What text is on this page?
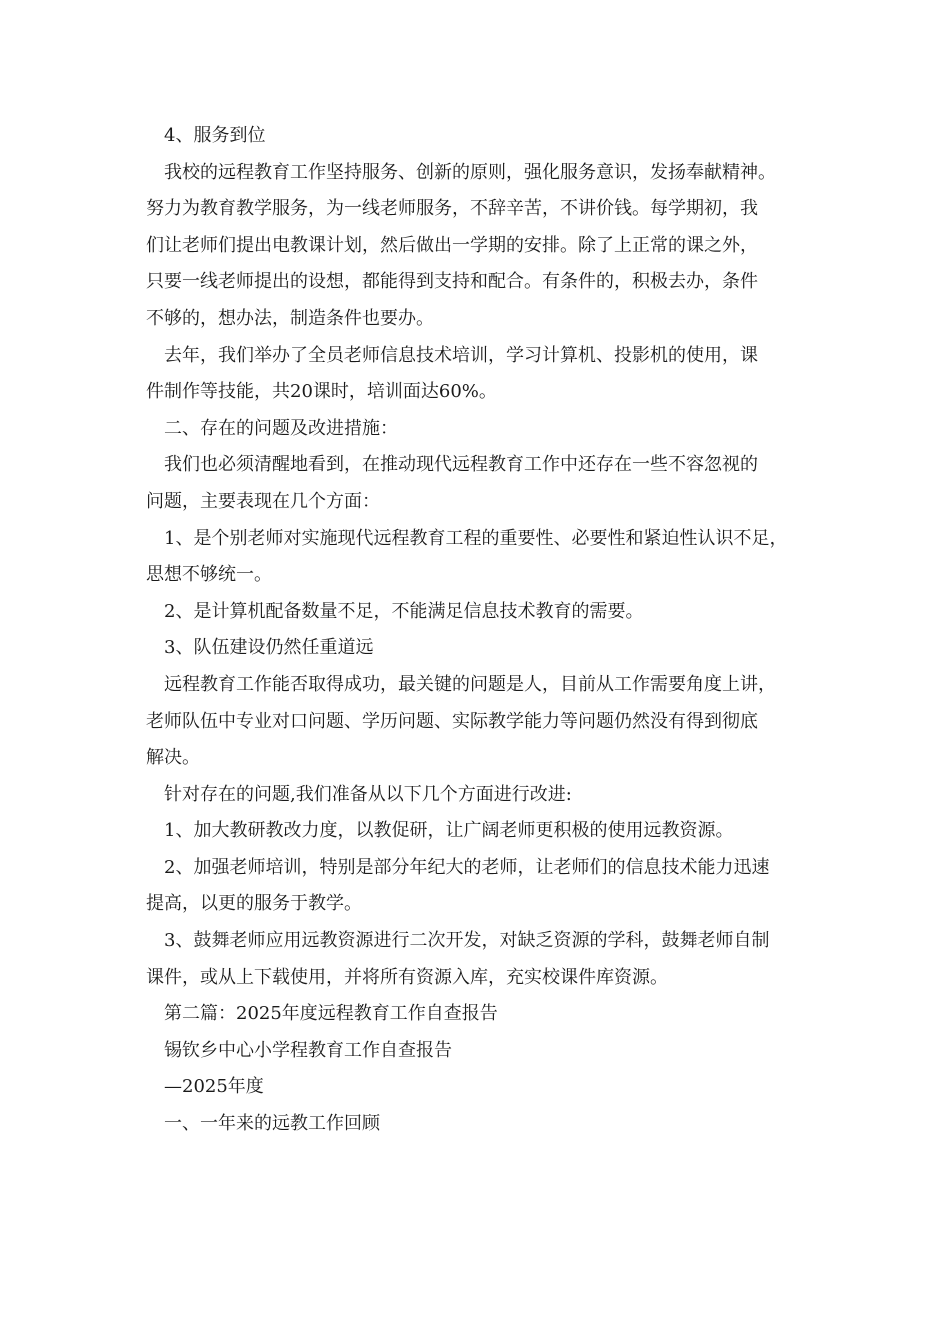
4、服务到位
我校的远程教育工作坚持服务、创新的原则，强化服务意识，发扬奉献精神。
努力为教育教学服务，为一线老师服务，不辞辛苦，不讲价钱。每学期初，我
们让老师们提出电教课计划，然后做出一学期的安排。除了上正常的课之外，
只要一线老师提出的设想，都能得到支持和配合。有条件的，积极去办，条件
不够的，想办法，制造条件也要办。
去年，我们举办了全员老师信息技术培训，学习计算机、投影机的使用，课
件制作等技能，共20课时，培训面达60%。
二、存在的问题及改进措施：
我们也必须清醒地看到，在推动现代远程教育工作中还存在一些不容忽视的
问题，主要表现在几个方面：
1、是个别老师对实施现代远程教育工程的重要性、必要性和紧迫性认识不足，
思想不够统一。
2、是计算机配备数量不足，不能满足信息技术教育的需要。
3、队伍建设仍然任重道远
远程教育工作能否取得成功，最关键的问题是人，目前从工作需要角度上讲，
老师队伍中专业对口问题、学历问题、实际教学能力等问题仍然没有得到彻底
解决。
针对存在的问题,我们准备从以下几个方面进行改进:
1、加大教研教改力度，以教促研，让广阔老师更积极的使用远教资源。
2、加强老师培训，特别是部分年纪大的老师，让老师们的信息技术能力迅速
提高，以更的服务于教学。
3、鼓舞老师应用远教资源进行二次开发，对缺乏资源的学科，鼓舞老师自制
课件，或从上下载使用，并将所有资源入库，充实校课件库资源。
第二篇：2025年度远程教育工作自查报告
锡钦乡中心小学程教育工作自查报告
—2025年度
一、一年来的远教工作回顾
